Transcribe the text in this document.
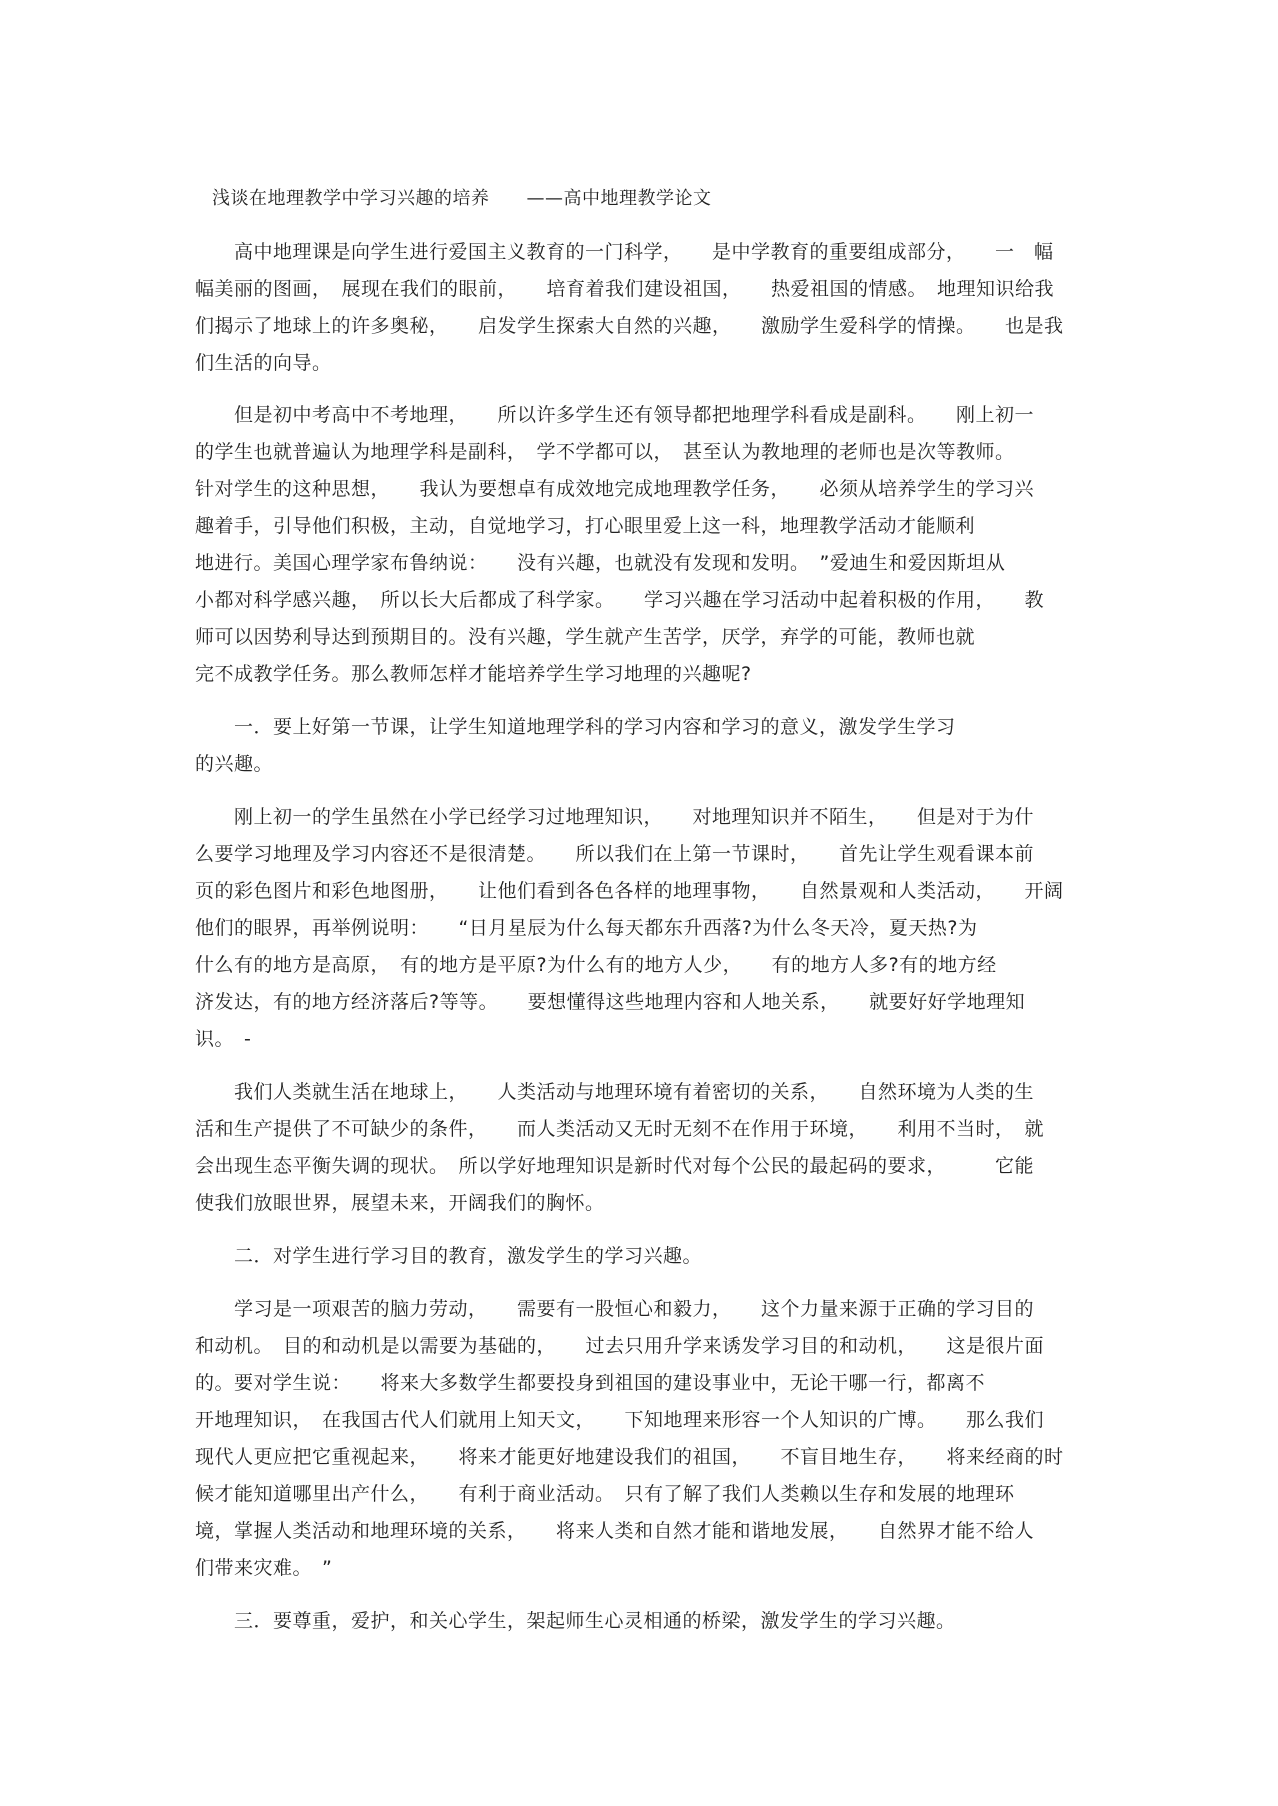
浅谈在地理教学中学习兴趣的培养　　——高中地理教学论文
　　高中地理课是向学生进行爱国主义教育的一门科学，　　是中学教育的重要组成部分，　　一　幅
幅美丽的图画，　展现在我们的眼前，　　培育着我们建设祖国，　　热爱祖国的情感。　地理知识给我
们揭示了地球上的许多奥秘，　　启发学生探索大自然的兴趣，　　激励学生爱科学的情操。　　也是我
们生活的向导。
　　但是初中考高中不考地理，　　所以许多学生还有领导都把地理学科看成是副科。　　刚上初一
的学生也就普遍认为地理学科是副科，　学不学都可以，　甚至认为教地理的老师也是次等教师。
针对学生的这种思想，　　我认为要想卓有成效地完成地理教学任务，　　必须从培养学生的学习兴
趣着手，引导他们积极，主动，自觉地学习，打心眼里爱上这一科，地理教学活动才能顺利
地进行。美国心理学家布鲁纳说：　　没有兴趣，也就没有发现和发明。　”爱迪生和爱因斯坦从
小都对科学感兴趣，　所以长大后都成了科学家。　　学习兴趣在学习活动中起着积极的作用，　　教
师可以因势利导达到预期目的。没有兴趣，学生就产生苦学，厌学，弃学的可能，教师也就
完不成教学任务。那么教师怎样才能培养学生学习地理的兴趣呢?
　　一．要上好第一节课，让学生知道地理学科的学习内容和学习的意义，激发学生学习
的兴趣。
　　刚上初一的学生虽然在小学已经学习过地理知识，　　对地理知识并不陌生，　　但是对于为什
么要学习地理及学习内容还不是很清楚。　　所以我们在上第一节课时，　　首先让学生观看课本前
页的彩色图片和彩色地图册，　　让他们看到各色各样的地理事物，　　自然景观和人类活动，　　开阔
他们的眼界，再举例说明：　　“日月星辰为什么每天都东升西落?为什么冬天冷，夏天热?为
什么有的地方是高原，　有的地方是平原?为什么有的地方人少，　　有的地方人多?有的地方经
济发达，有的地方经济落后?等等。　　要想懂得这些地理内容和人地关系，　　就要好好学地理知
识。　-
　　我们人类就生活在地球上，　　人类活动与地理环境有着密切的关系，　　自然环境为人类的生
活和生产提供了不可缺少的条件，　　而人类活动又无时无刻不在作用于环境，　　利用不当时，　就
会出现生态平衡失调的现状。　所以学好地理知识是新时代对每个公民的最起码的要求，　　　它能
使我们放眼世界，展望未来，开阔我们的胸怀。
　　二．对学生进行学习目的教育，激发学生的学习兴趣。
　　学习是一项艰苦的脑力劳动，　　需要有一股恒心和毅力，　　这个力量来源于正确的学习目的
和动机。　目的和动机是以需要为基础的，　　过去只用升学来诱发学习目的和动机，　　这是很片面
的。要对学生说：　　将来大多数学生都要投身到祖国的建设事业中，无论干哪一行，都离不
开地理知识，　在我国古代人们就用上知天文，　　下知地理来形容一个人知识的广博。　　那么我们
现代人更应把它重视起来，　　将来才能更好地建设我们的祖国，　　不盲目地生存，　　将来经商的时
候才能知道哪里出产什么，　　有利于商业活动。　只有了解了我们人类赖以生存和发展的地理环
境，掌握人类活动和地理环境的关系，　　将来人类和自然才能和谐地发展，　　自然界才能不给人
们带来灾难。　”
　　三．要尊重，爱护，和关心学生，架起师生心灵相通的桥梁，激发学生的学习兴趣。
